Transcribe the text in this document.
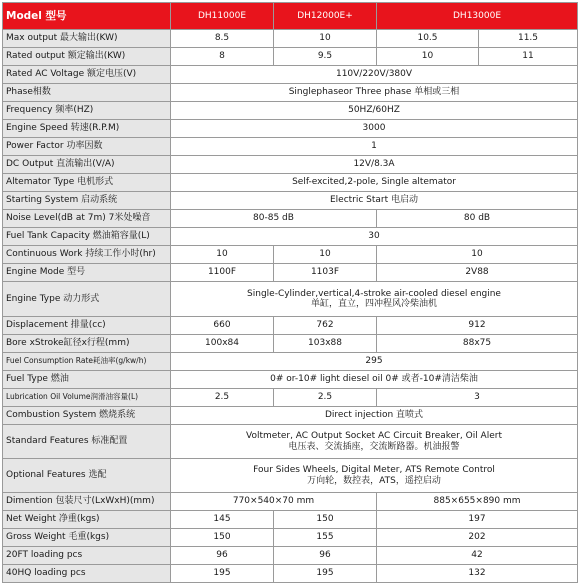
Model 型号	DH11000E	DH12000E+	DH13000E	
Max output 最大输出(KW)	8.5	10	10.5	11.5
Rated output 额定输出(KW)	8	9.5	10	11
Rated AC Voltage 额定电压(V)	110V/220V/380V			
Phase相数	Singlephaseor Three phase 单相或三相			
Frequency 频率(HZ)	50HZ/60HZ			
Engine Speed 转速(R.P.M)	3000			
Power Factor 功率因数	1			
DC Output 直流输出(V/A)	12V/8.3A			
Altemator Type 电机形式	Self-excited,2-pole, Single altemator			
Starting System 启动系统	Electric Start 电启动			
Noise Level(dB at 7m) 7米处噪音	80-85 dB		80 dB	
Fuel Tank Capacity 燃油箱容量(L)	30			
Continuous Work 持续工作小时(hr)	10	10	10	
Engine Mode 型号	1100F	1103F	2V88	
Engine Type 动力形式	Single-Cylinder,vertical,4-stroke air-cooled diesel engine
单缸，直立，四冲程风冷柴油机			

Displacement 排量(cc)	660	762	912	
Bore xStroke缸径x行程(mm)	100x84	103x88	88x75	
Fuel Consumption Rate耗油率(g/kw/h)	295			
Fuel Type 燃油	0# or-10# light diesel oil 0# 或者-10#清洁柴油			
Lubrication Oil Volume润滑油容量(L)	2.5	2.5	3	
Combustion System 燃烧系统	Direct injection 直喷式			
Standard Features 标准配置	Voltmeter, AC Output Socket AC Circuit Breaker, Oil Alert
电压表、交流插座，交流断路器。机油报警			

Optional Features 选配	Four Sides Wheels, Digital Meter, ATS Remote Control
万向轮，数控表，ATS，遥控启动			

Dimention 包装尺寸(LxWxH)(mm)	770×540×70 mm		885×655×890 mm	
Net Weight 净重(kgs)	145	150	197	
Gross Weight 毛重(kgs)	150	155	202	
20FT loading pcs	96	96	42	
40HQ loading pcs	195	195	132	
